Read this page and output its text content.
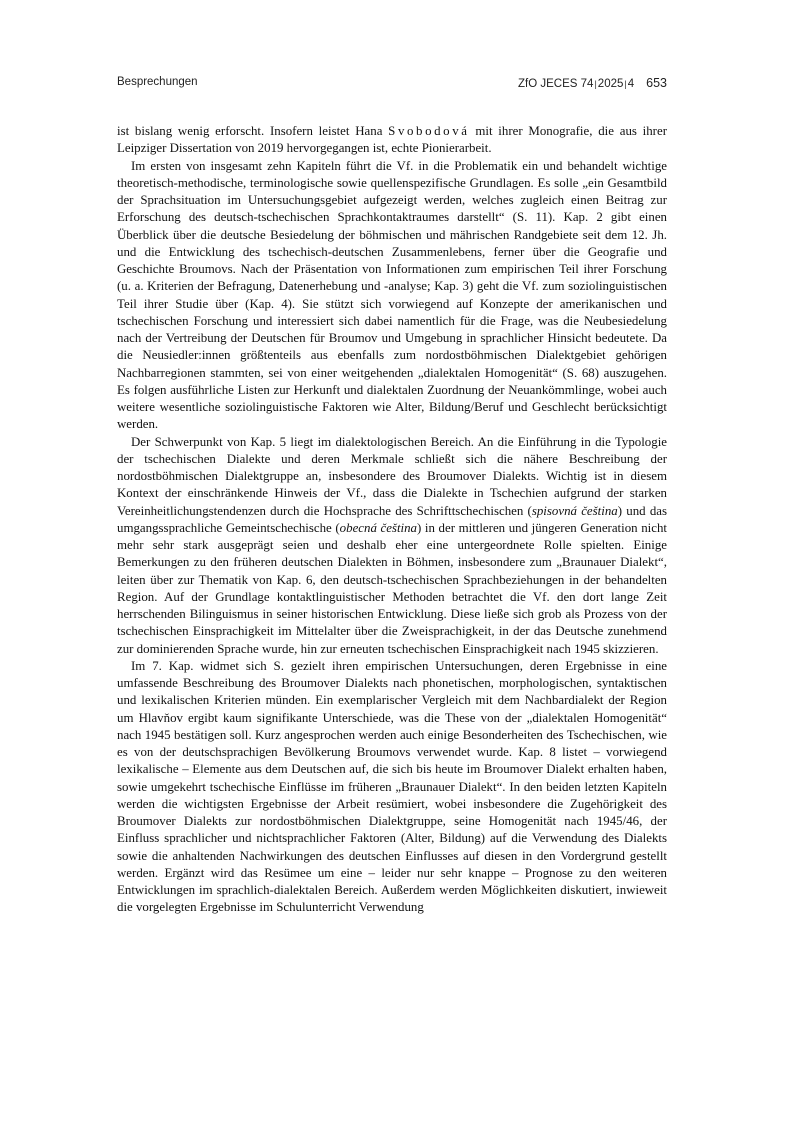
Besprechungen	ZfO JECES 74|2025|4 653

ist bislang wenig erforscht. Insofern leistet Hana Svobodová mit ihrer Monografie, die aus ihrer Leipziger Dissertation von 2019 hervorgegangen ist, echte Pionierarbeit.

Im ersten von insgesamt zehn Kapiteln führt die Vf. in die Problematik ein und behandelt wichtige theoretisch-methodische, terminologische sowie quellenspezifische Grundlagen. Es solle „ein Gesamtbild der Sprachsituation im Untersuchungsgebiet aufgezeigt werden, welches zugleich einen Beitrag zur Erforschung des deutsch-tschechischen Sprachkontaktraumes darstellt“ (S. 11). Kap. 2 gibt einen Überblick über die deutsche Besiedelung der böhmischen und mährischen Randgebiete seit dem 12. Jh. und die Entwicklung des tschechisch-deutschen Zusammenlebens, ferner über die Geografie und Geschichte Broumovs. Nach der Präsentation von Informationen zum empirischen Teil ihrer Forschung (u. a. Kriterien der Befragung, Datenerhebung und -analyse; Kap. 3) geht die Vf. zum soziolinguistischen Teil ihrer Studie über (Kap. 4). Sie stützt sich vorwiegend auf Konzepte der amerikanischen und tschechischen Forschung und interessiert sich dabei namentlich für die Frage, was die Neubesiedelung nach der Vertreibung der Deutschen für Broumov und Umgebung in sprachlicher Hinsicht bedeutete. Da die Neusiedler:innen größtenteils aus ebenfalls zum nordostböhmischen Dialektgebiet gehörigen Nachbarregionen stammten, sei von einer weitgehenden „dialektalen Homogenität“ (S. 68) auszugehen. Es folgen ausführliche Listen zur Herkunft und dialektalen Zuordnung der Neuankömmlinge, wobei auch weitere wesentliche soziolinguistische Faktoren wie Alter, Bildung/Beruf und Geschlecht berücksichtigt werden.

Der Schwerpunkt von Kap. 5 liegt im dialektologischen Bereich. An die Einführung in die Typologie der tschechischen Dialekte und deren Merkmale schließt sich die nähere Beschreibung der nordostböhmischen Dialektgruppe an, insbesondere des Broumover Dialekts. Wichtig ist in diesem Kontext der einschränkende Hinweis der Vf., dass die Dialekte in Tschechien aufgrund der starken Vereinheitlichungstendenzen durch die Hochsprache des Schrifttschechischen (spisovná čeština) und das umgangssprachliche Gemeintschechische (obecná čeština) in der mittleren und jüngeren Generation nicht mehr sehr stark ausgeprägt seien und deshalb eher eine untergeordnete Rolle spielten. Einige Bemerkungen zu den früheren deutschen Dialekten in Böhmen, insbesondere zum „Braunauer Dialekt“, leiten über zur Thematik von Kap. 6, den deutsch-tschechischen Sprachbeziehungen in der behandelten Region. Auf der Grundlage kontaktlinguistischer Methoden betrachtet die Vf. den dort lange Zeit herrschenden Bilinguismus in seiner historischen Entwicklung. Diese ließe sich grob als Prozess von der tschechischen Einsprachigkeit im Mittelalter über die Zweisprachigkeit, in der das Deutsche zunehmend zur dominierenden Sprache wurde, hin zur erneuten tschechischen Einsprachigkeit nach 1945 skizzieren.

Im 7. Kap. widmet sich S. gezielt ihren empirischen Untersuchungen, deren Ergebnisse in eine umfassende Beschreibung des Broumover Dialekts nach phonetischen, morphologischen, syntaktischen und lexikalischen Kriterien münden. Ein exemplarischer Vergleich mit dem Nachbardialekt der Region um Hlavňov ergibt kaum signifikante Unterschiede, was die These von der „dialektalen Homogenität“ nach 1945 bestätigen soll. Kurz angesprochen werden auch einige Besonderheiten des Tschechischen, wie es von der deutschsprachigen Bevölkerung Broumovs verwendet wurde. Kap. 8 listet – vorwiegend lexikalische – Elemente aus dem Deutschen auf, die sich bis heute im Broumover Dialekt erhalten haben, sowie umgekehrt tschechische Einflüsse im früheren „Braunauer Dialekt“. In den beiden letzten Kapiteln werden die wichtigsten Ergebnisse der Arbeit resümiert, wobei insbesondere die Zugehörigkeit des Broumover Dialekts zur nordostböhmischen Dialektgruppe, seine Homogenität nach 1945/46, der Einfluss sprachlicher und nichtsprachlicher Faktoren (Alter, Bildung) auf die Verwendung des Dialekts sowie die anhaltenden Nachwirkungen des deutschen Einflusses auf diesen in den Vordergrund gestellt werden. Ergänzt wird das Resümee um eine – leider nur sehr knappe – Prognose zu den weiteren Entwicklungen im sprachlich-dialektalen Bereich. Außerdem werden Möglichkeiten diskutiert, inwieweit die vorgelegten Ergebnisse im Schulunterricht Verwendung
